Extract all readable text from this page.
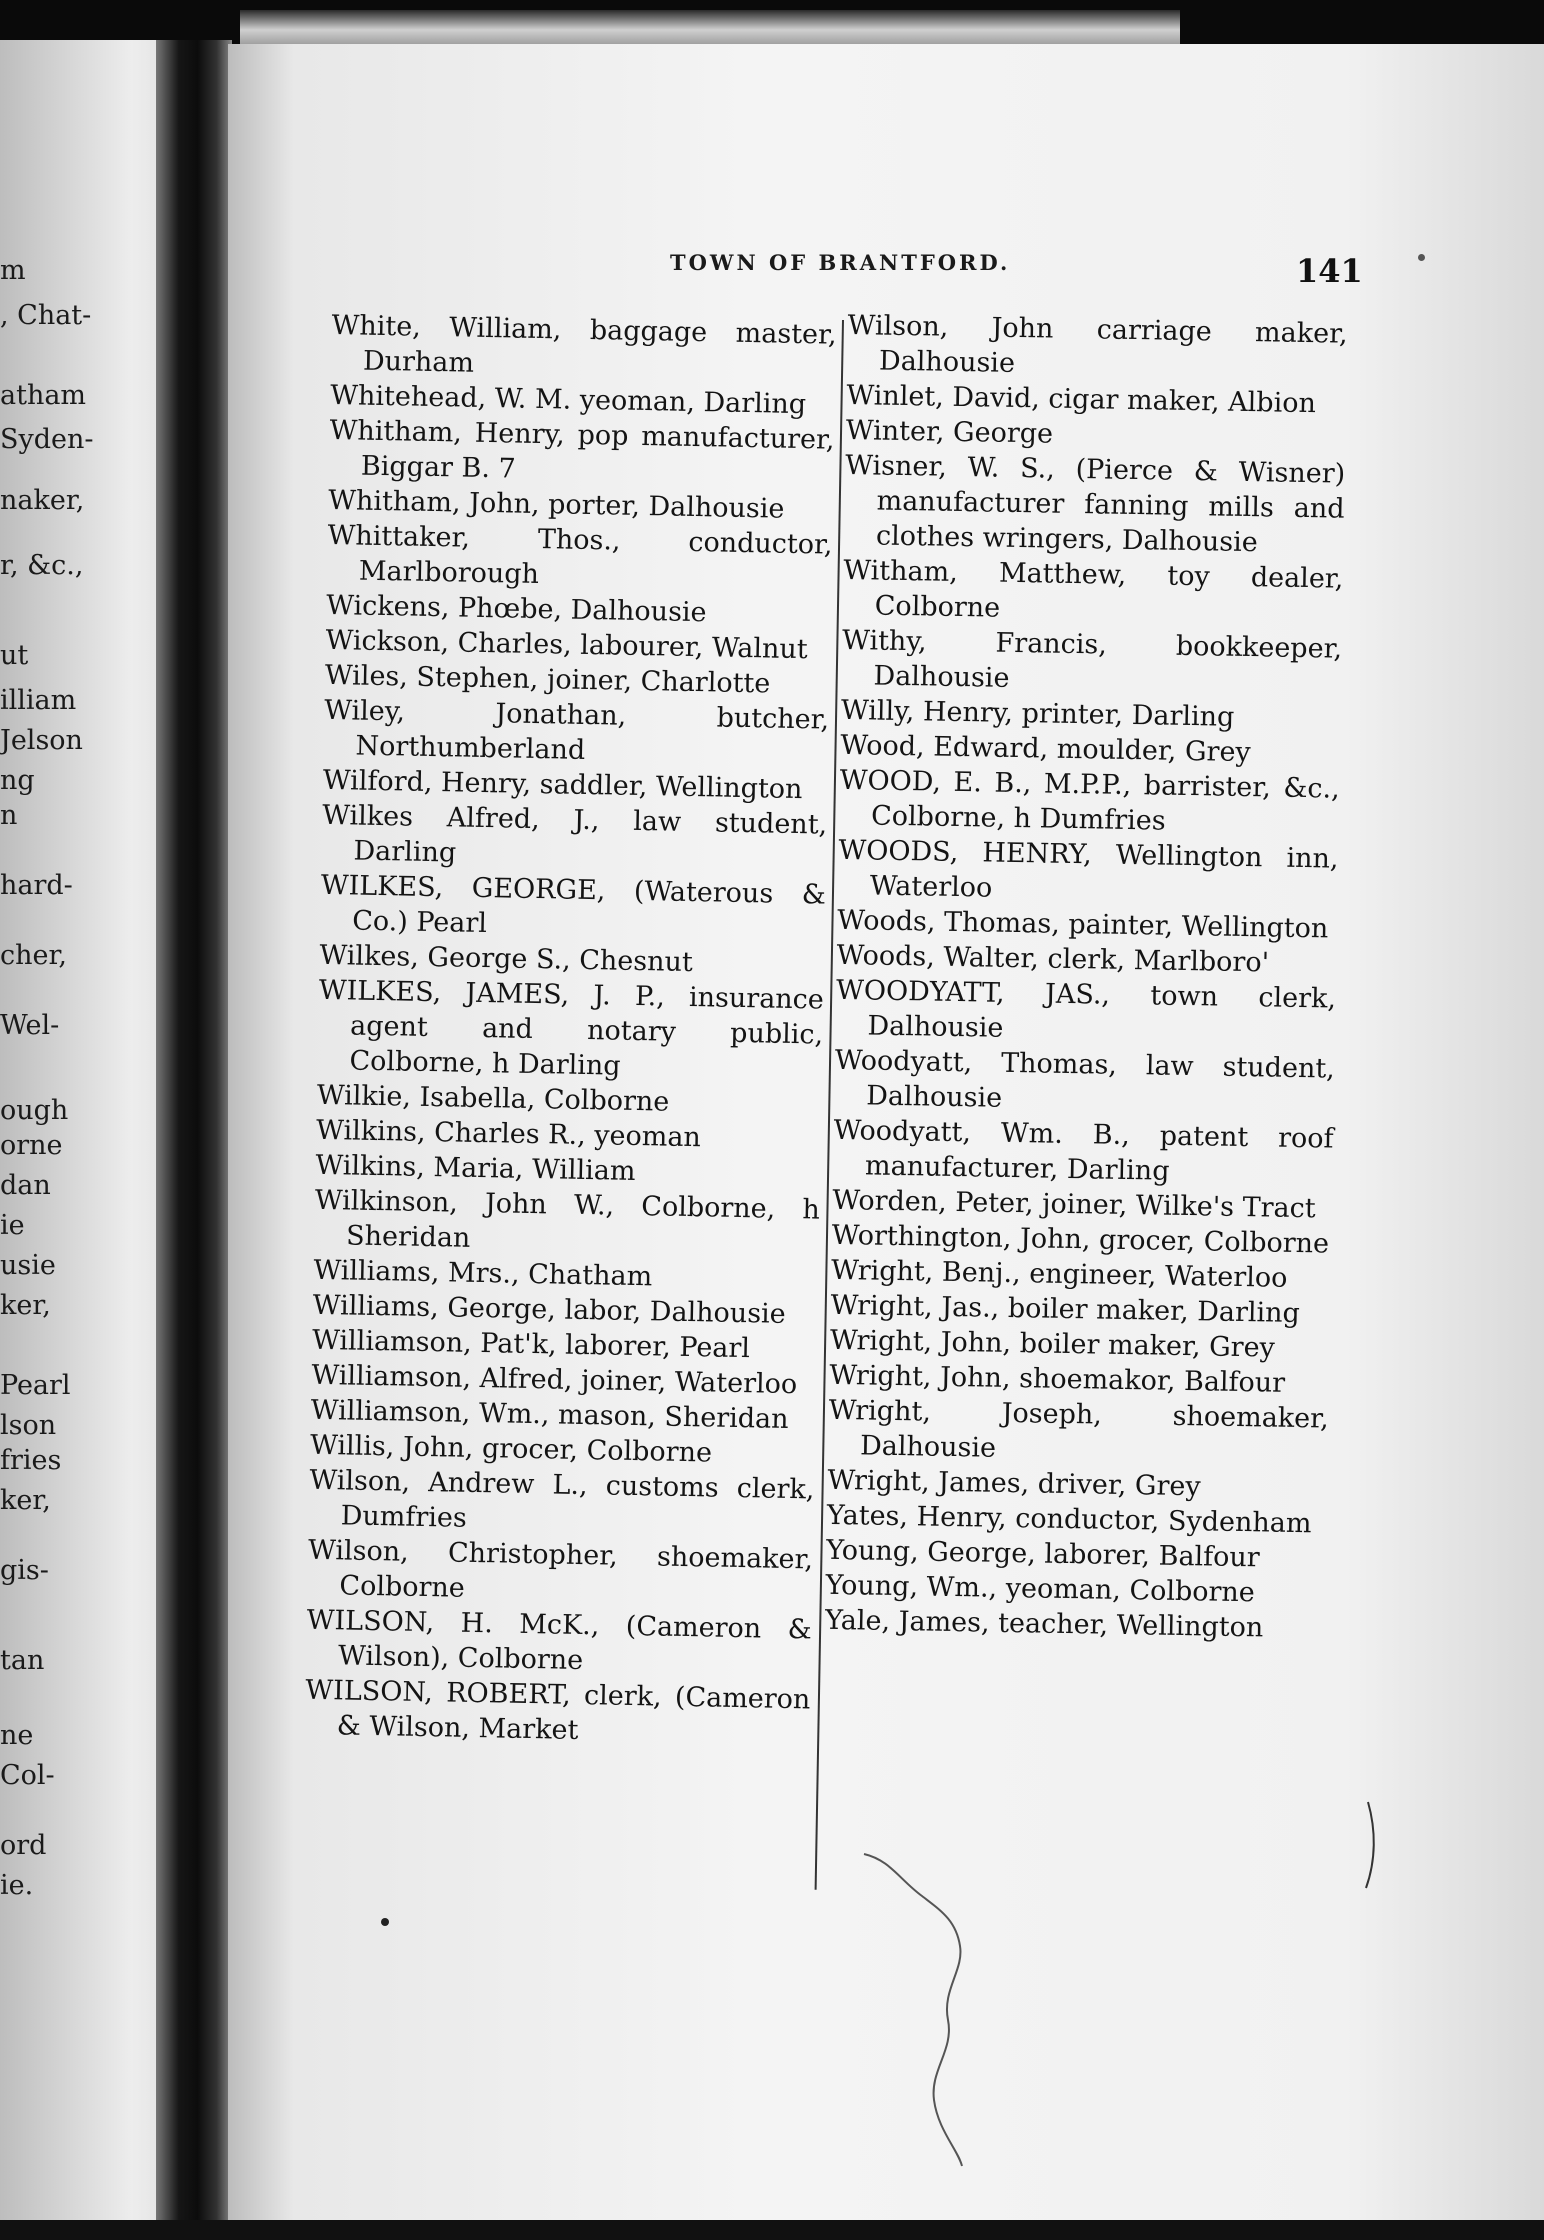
m
, Chat-
atham
Syden-
naker,
r, &c.,
ut
illiam
Jelson
ng
n
hard-
cher,
Wel-
ough
orne
dan
ie
usie
ker,
Pearl
lson
fries
ker,
gis-
tan
ne
Col-
ord
ie.
TOWN OF BRANTFORD.	141
White, William, baggage master, Durham
Whitehead, W. M. yeoman, Darling
Whitham, Henry, pop manufacturer, Biggar B. 7
Whitham, John, porter, Dalhousie
Whittaker, Thos., conductor, Marlborough
Wickens, Phœbe, Dalhousie
Wickson, Charles, labourer, Walnut
Wiles, Stephen, joiner, Charlotte
Wiley, Jonathan, butcher, Northumberland
Wilford, Henry, saddler, Wellington
Wilkes Alfred, J., law student, Darling
WILKES, GEORGE, (Waterous & Co.) Pearl
Wilkes, George S., Chesnut
WILKES, JAMES, J. P., insurance agent and notary public, Colborne, h Darling
Wilkie, Isabella, Colborne
Wilkins, Charles R., yeoman
Wilkins, Maria, William
Wilkinson, John W., Colborne, h Sheridan
Williams, Mrs., Chatham
Williams, George, labor, Dalhousie
Williamson, Pat'k, laborer, Pearl
Williamson, Alfred, joiner, Waterloo
Williamson, Wm., mason, Sheridan
Willis, John, grocer, Colborne
Wilson, Andrew L., customs clerk, Dumfries
Wilson, Christopher, shoemaker, Colborne
WILSON, H. McK., (Cameron & Wilson), Colborne
WILSON, ROBERT, clerk, (Cameron & Wilson, Market
Wilson, John carriage maker, Dalhousie
Winlet, David, cigar maker, Albion
Winter, George
Wisner, W. S., (Pierce & Wisner) manufacturer fanning mills and clothes wringers, Dalhousie
Witham, Matthew, toy dealer, Colborne
Withy, Francis, bookkeeper, Dalhousie
Willy, Henry, printer, Darling
Wood, Edward, moulder, Grey
WOOD, E. B., M.P.P., barrister, &c., Colborne, h Dumfries
WOODS, HENRY, Wellington inn, Waterloo
Woods, Thomas, painter, Wellington
Woods, Walter, clerk, Marlboro'
WOODYATT, JAS., town clerk, Dalhousie
Woodyatt, Thomas, law student, Dalhousie
Woodyatt, Wm. B., patent roof manufacturer, Darling
Worden, Peter, joiner, Wilke's Tract
Worthington, John, grocer, Colborne
Wright, Benj., engineer, Waterloo
Wright, Jas., boiler maker, Darling
Wright, John, boiler maker, Grey
Wright, John, shoemakor, Balfour
Wright, Joseph, shoemaker, Dalhousie
Wright, James, driver, Grey
Yates, Henry, conductor, Sydenham
Young, George, laborer, Balfour
Young, Wm., yeoman, Colborne
Yale, James, teacher, Wellington
